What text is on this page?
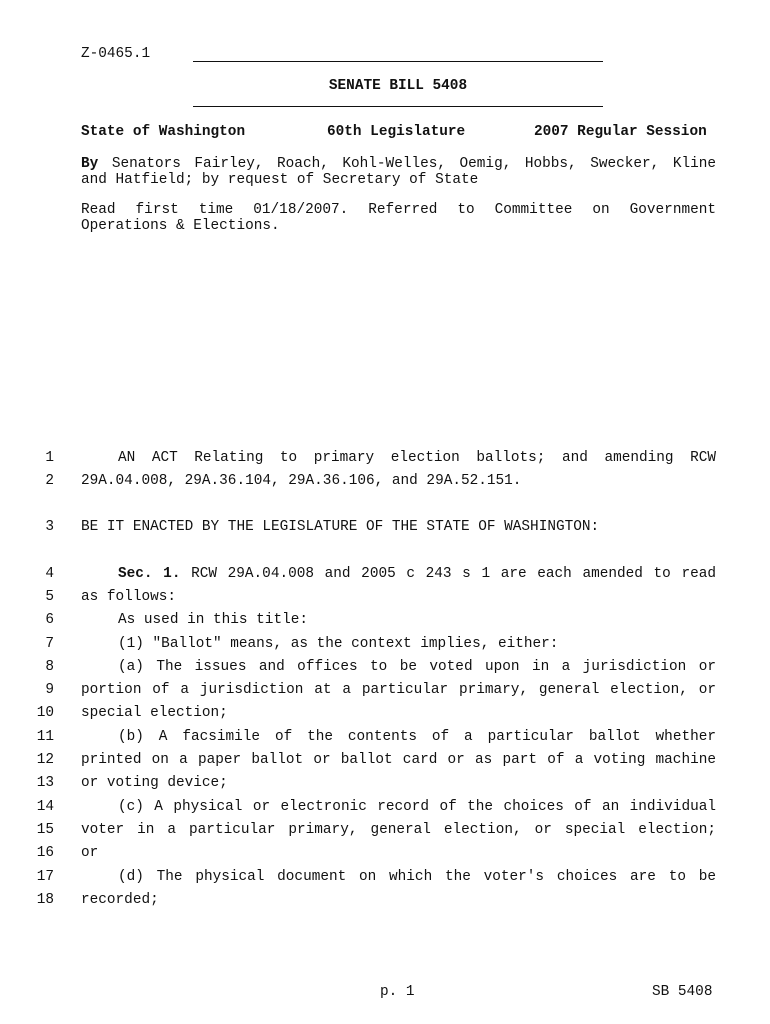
Z-0465.1
SENATE BILL 5408
State of Washington	60th Legislature	2007 Regular Session
By Senators Fairley, Roach, Kohl-Welles, Oemig, Hobbs, Swecker, Kline
and Hatfield; by request of Secretary of State
Read first time 01/18/2007. Referred to Committee on Government
Operations & Elections.
1	AN ACT Relating to primary election ballots; and amending RCW
2 29A.04.008, 29A.36.104, 29A.36.106, and 29A.52.151.
3 BE IT ENACTED BY THE LEGISLATURE OF THE STATE OF WASHINGTON:
4	Sec. 1. RCW 29A.04.008 and 2005 c 243 s 1 are each amended to read
5 as follows:
6	As used in this title:
7	(1) "Ballot" means, as the context implies, either:
8	(a) The issues and offices to be voted upon in a jurisdiction or
9 portion of a jurisdiction at a particular primary, general election, or
10 special election;
11	(b) A facsimile of the contents of a particular ballot whether
12 printed on a paper ballot or ballot card or as part of a voting machine
13 or voting device;
14	(c) A physical or electronic record of the choices of an individual
15 voter in a particular primary, general election, or special election;
16 or
17	(d) The physical document on which the voter's choices are to be
18 recorded;
p. 1	SB 5408
